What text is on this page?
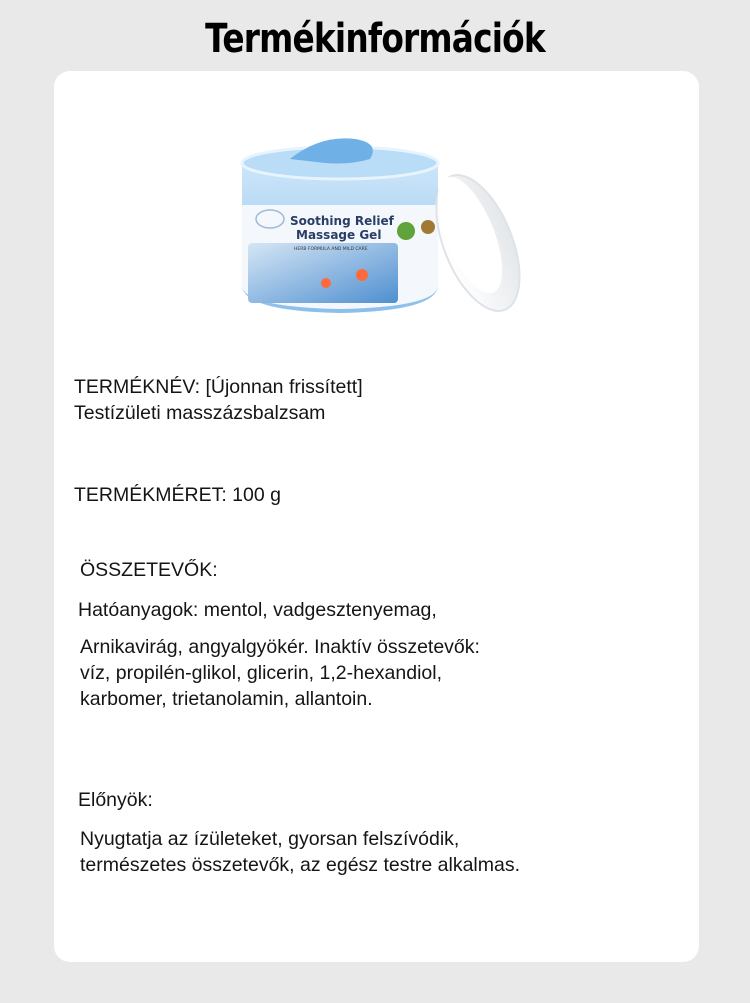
Termékinformációk
Soothing Relief
Massage Gel
HERB FORMULA AND MILD CARE
TERMÉKNÉV: [Újonnan frissített]
Testízületi masszázsbalzsam
TERMÉKMÉRET: 100 g
ÖSSZETEVŐK:
Hatóanyagok: mentol, vadgesztenyemag,
Arnikavirág, angyalgyökér. Inaktív összetevők:
víz, propilén-glikol, glicerin, 1,2-hexandiol,
karbomer, trietanolamin, allantoin.
Előnyök:
Nyugtatja az ízületeket, gyorsan felszívódik,
természetes összetevők, az egész testre alkalmas.
